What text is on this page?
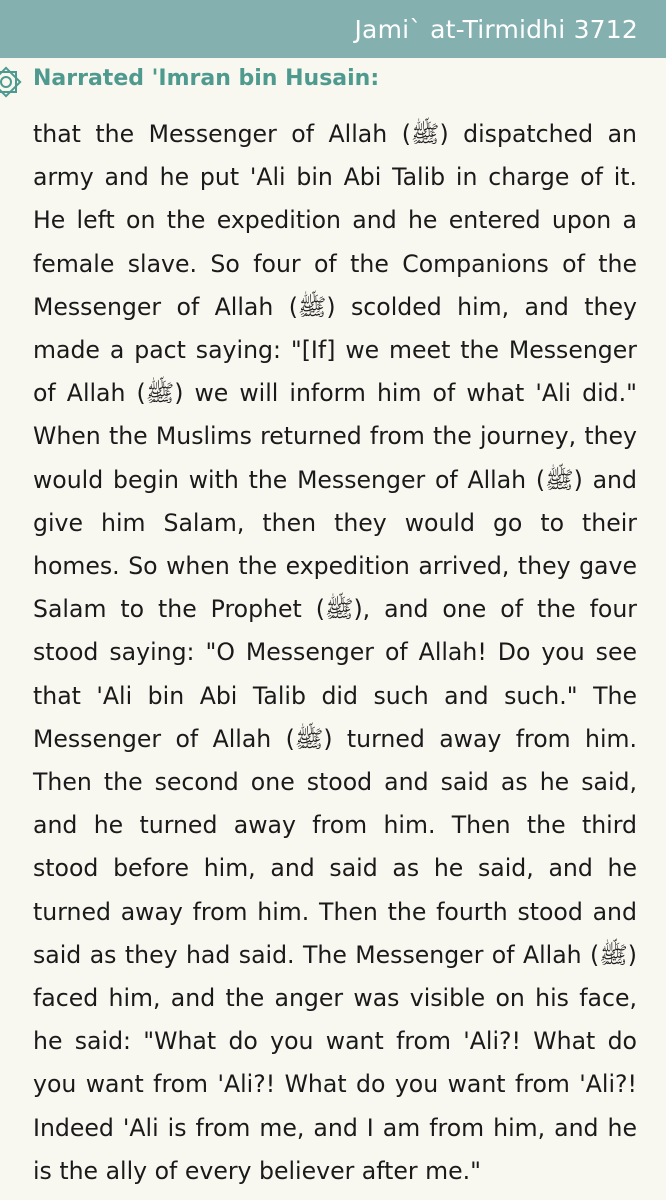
Jami` at-Tirmidhi 3712
Narrated 'Imran bin Husain:

that the Messenger of Allah (ﷺ) dispatched an army and he put 'Ali bin Abi Talib in charge of it. He left on the expedition and he entered upon a female slave. So four of the Companions of the Messenger of Allah (ﷺ) scolded him, and they made a pact saying: "[If] we meet the Messenger of Allah (ﷺ) we will inform him of what 'Ali did." When the Muslims returned from the journey, they would begin with the Messenger of Allah (ﷺ) and give him Salam, then they would go to their homes. So when the expedition arrived, they gave Salam to the Prophet (ﷺ), and one of the four stood saying: "O Messenger of Allah! Do you see that 'Ali bin Abi Talib did such and such." The Messenger of Allah (ﷺ) turned away from him. Then the second one stood and said as he said, and he turned away from him. Then the third stood before him, and said as he said, and he turned away from him. Then the fourth stood and said as they had said. The Messenger of Allah (ﷺ) faced him, and the anger was visible on his face, he said: "What do you want from 'Ali?! What do you want from 'Ali?! What do you want from 'Ali?! Indeed 'Ali is from me, and I am from him, and he is the ally of every believer after me."
